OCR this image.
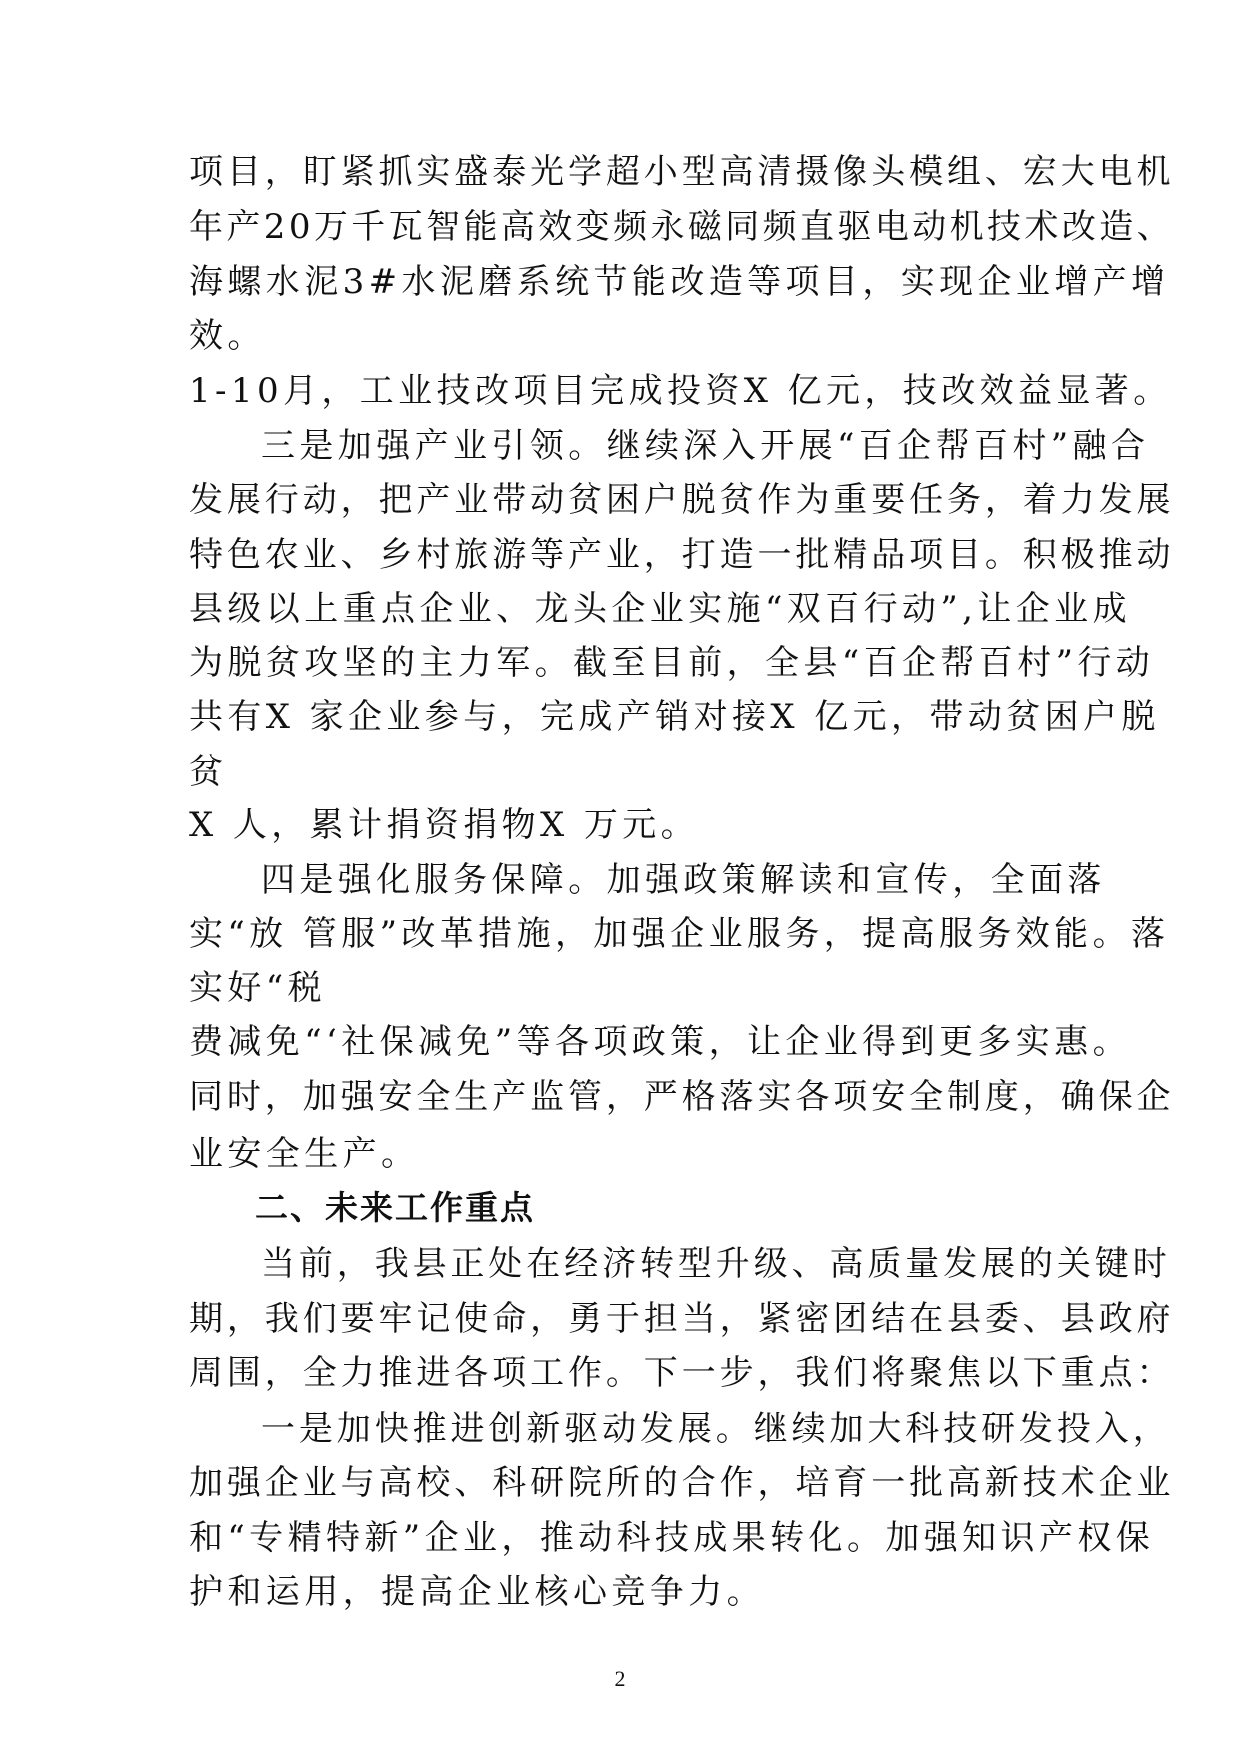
项目，盯紧抓实盛泰光学超小型高清摄像头模组、宏大电机
年产20万千瓦智能高效变频永磁同频直驱电动机技术改造、
海螺水泥3#水泥磨系统节能改造等项目，实现企业增产增
效。
1-10月，工业技改项目完成投资X 亿元，技改效益显著。
三是加强产业引领。继续深入开展“百企帮百村”融合
发展行动，把产业带动贫困户脱贫作为重要任务，着力发展
特色农业、乡村旅游等产业，打造一批精品项目。积极推动
县级以上重点企业、龙头企业实施“双百行动”,让企业成
为脱贫攻坚的主力军。截至目前，全县“百企帮百村”行动
共有X 家企业参与，完成产销对接X 亿元，带动贫困户脱
贫
X 人，累计捐资捐物X 万元。
四是强化服务保障。加强政策解读和宣传，全面落
实“放 管服”改革措施，加强企业服务，提高服务效能。落
实好“税
费减免“‘社保减免”等各项政策，让企业得到更多实惠。
同时，加强安全生产监管，严格落实各项安全制度，确保企
业安全生产。
二、未来工作重点
当前，我县正处在经济转型升级、高质量发展的关键时
期，我们要牢记使命，勇于担当，紧密团结在县委、县政府
周围，全力推进各项工作。下一步，我们将聚焦以下重点：
一是加快推进创新驱动发展。继续加大科技研发投入，
加强企业与高校、科研院所的合作，培育一批高新技术企业
和“专精特新”企业，推动科技成果转化。加强知识产权保
护和运用，提高企业核心竞争力。
2
